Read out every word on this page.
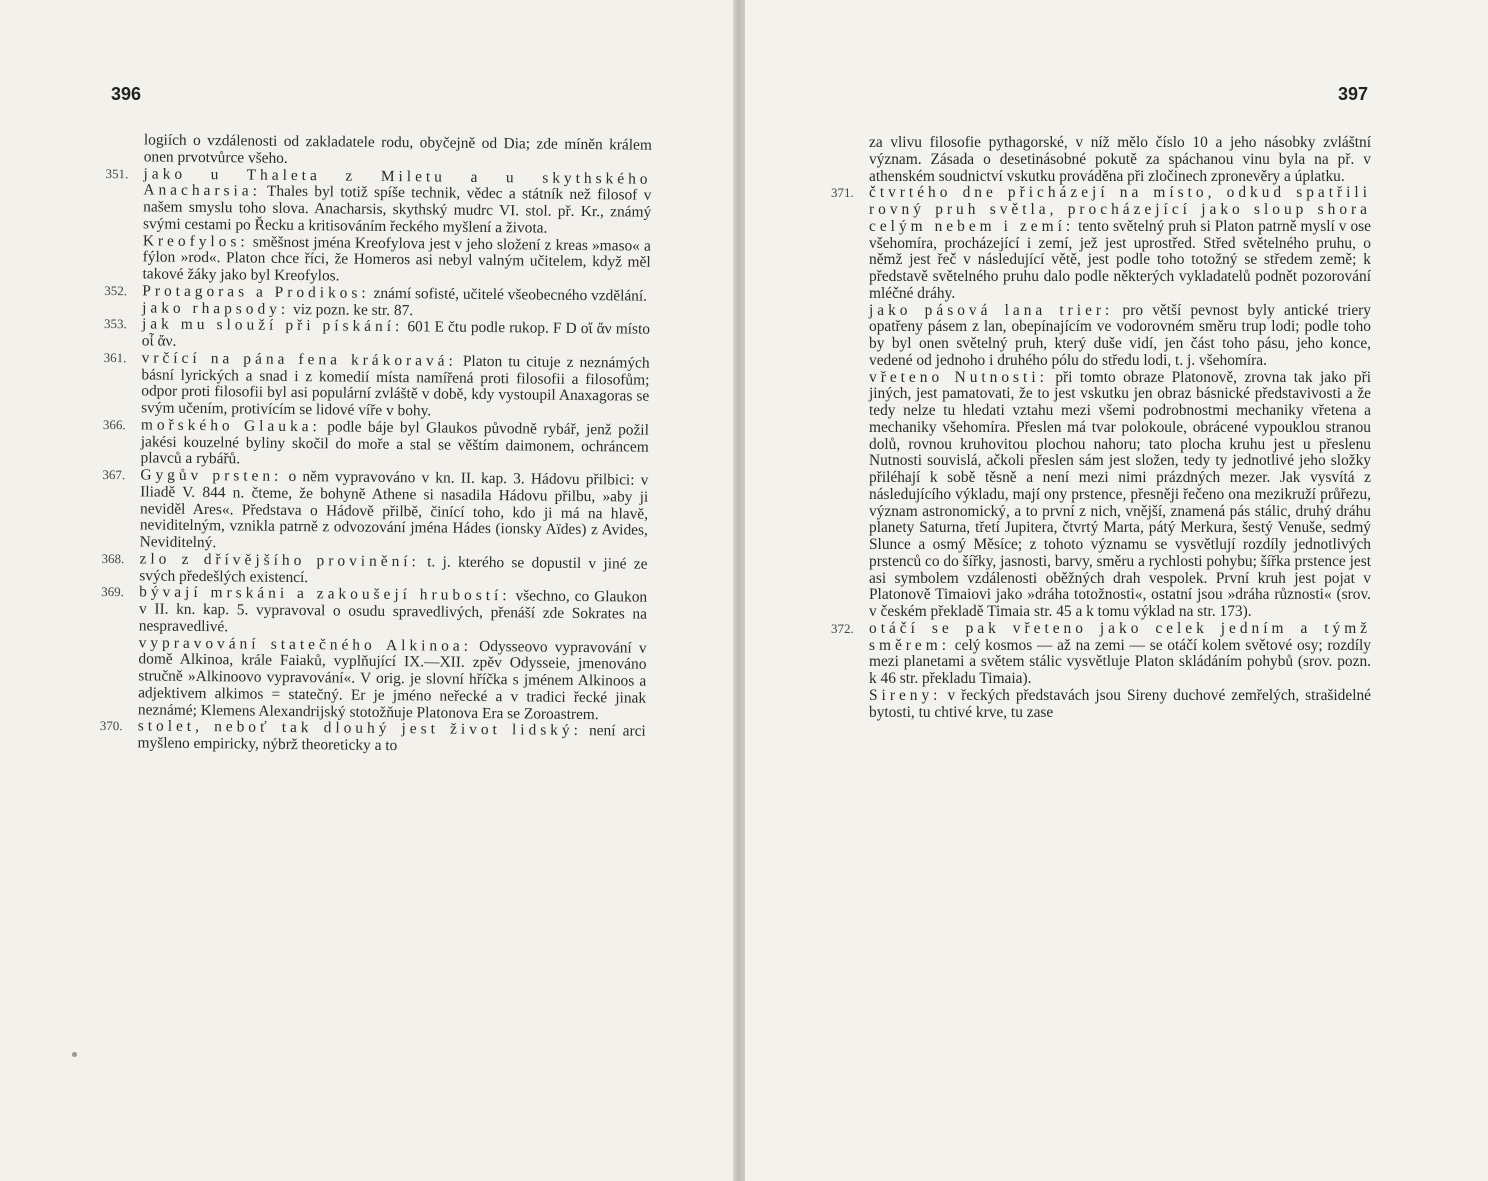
396
logiích o vzdálenosti od zakladatele rodu, obyčejně od Dia; zde míněn králem onen prvotvůrce všeho.
351. jako u Thaleta z Miletu a u skythského Anacharsia: Thales byl totiž spíše technik, vědec a státník než filosof v našem smyslu toho slova. Anacharsis, skythský mudrc VI. stol. př. Kr., známý svými cestami po Řecku a kritisováním řeckého myšlení a života.
Kreofylos: směšnost jména Kreofylova jest v jeho složení z kreas »maso« a fýlon »rod«. Platon chce říci, že Homeros asi nebyl valným učitelem, když měl takové žáky jako byl Kreofylos.
352. Protagoras a Prodikos: známí sofisté, učitelé všeobecného vzdělání.
jako rhapsody: viz pozn. ke str. 87.
353. jak mu slouží při pískání: 601 E čtu podle rukop. F D οἴ ἄν místo οἷ ἄν.
361. vrčící na pána fena krákoravá: Platon tu cituje z neznámých básní lyrických a snad i z komedií místa namířená proti filosofii a filosofům; odpor proti filosofii byl asi populární zvláště v době, kdy vystoupil Anaxagoras se svým učením, protivícím se lidové víře v bohy.
366. mořského Glauka: podle báje byl Glaukos původně rybář, jenž požil jakési kouzelné byliny skočil do moře a stal se věštím daimonem, ochráncem plavců a rybářů.
367. Gygův prsten: o něm vypravováno v kn. II. kap. 3. Hádovu přilbici: v Iliadě V. 844 n. čteme, že bohyně Athene si nasadila Hádovu přilbu, »aby ji neviděl Ares«. Představa o Hádově přilbě, činící toho, kdo ji má na hlavě, neviditelným, vznikla patrně z odvozování jména Hádes (ionsky Aïdes) z Avides, Neviditelný.
368. zlo z dřívějšího provinění: t. j. kterého se dopustil v jiné ze svých předešlých existencí.
369. bývají mrskáni a zakoušejí hrubostí: všechno, co Glaukon v II. kn. kap. 5. vypravoval o osudu spravedlivých, přenáší zde Sokrates na nespravedlivé.
vypravování statečného Alkinoa: Odysseovo vypravování v domě Alkinoa, krále Faiaků, vyplňující IX.—XII. zpěv Odysseie, jmenováno stručně »Alkinoovo vypravování«. V orig. je slovní hříčka s jménem Alkinoos a adjektivem alkimos = statečný. Er je jméno neřecké a v tradici řecké jinak neznámé; Klemens Alexandrijský stotožňuje Platonova Era se Zoroastrem.
370. stolet, neboť tak dlouhý jest život lidský: není arci myšleno empiricky, nýbrž theoreticky a to
397
za vlivu filosofie pythagorské, v níž mělo číslo 10 a jeho násobky zvláštní význam. Zásada o desetinásobné pokutě za spáchanou vinu byla na př. v athenském soudnictví vskutku prováděna při zločinech zpronevěry a úplatku.
371. čtvrtého dne přicházejí na místo, odkud spatřili rovný pruh světla, procházející jako sloup shora celým nebem i zemí: tento světelný pruh si Platon patrně myslí v ose všehomíra, procházející i zemí, jež jest uprostřed. Střed světelného pruhu, o němž jest řeč v následující větě, jest podle toho totožný se středem země; k představě světelného pruhu dalo podle některých vykladatelů podnět pozorování mléčné dráhy.
jako pásová lana trier: pro větší pevnost byly antické triery opatřeny pásem z lan, obepínajícím ve vodorovném směru trup lodi; podle toho by byl onen světelný pruh, který duše vidí, jen část toho pásu, jeho konce, vedené od jednoho i druhého pólu do středu lodi, t. j. všehomíra.
vřeteno Nutnosti: při tomto obraze Platonově, zrovna tak jako při jiných, jest pamatovati, že to jest vskutku jen obraz básnické představivosti a že tedy nelze tu hledati vztahu mezi všemi podrobnostmi mechaniky vřetena a mechaniky všehomíra. Přeslen má tvar polokoule, obrácené vypouklou stranou dolů, rovnou kruhovitou plochou nahoru; tato plocha kruhu jest u přeslenu Nutnosti souvislá, ačkoli přeslen sám jest složen, tedy ty jednotlivé jeho složky přiléhají k sobě těsně a není mezi nimi prázdných mezer. Jak vysvítá z následujícího výkladu, mají ony prstence, přesněji řečeno ona mezikruží průřezu, význam astronomický, a to první z nich, vnější, znamená pás stálic, druhý dráhu planety Saturna, třetí Jupitera, čtvrtý Marta, pátý Merkura, šestý Venuše, sedmý Slunce a osmý Měsíce; z tohoto významu se vysvětlují rozdíly jednotlivých prstenců co do šířky, jasnosti, barvy, směru a rychlosti pohybu; šířka prstence jest asi symbolem vzdálenosti oběžných drah vespolek. První kruh jest pojat v Platonově Timaiovi jako »dráha totožnosti«, ostatní jsou »dráha různosti« (srov. v českém překladě Timaia str. 45 a k tomu výklad na str. 173).
372. otáčí se pak vřeteno jako celek jedním a týmž směrem: celý kosmos — až na zemi — se otáčí kolem světové osy; rozdíly mezi planetami a světem stálic vysvětluje Platon skládáním pohybů (srov. pozn. k 46 str. překladu Timaia).
Sireny: v řeckých představách jsou Sireny duchové zemřelých, strašidelné bytosti, tu chtivé krve, tu zase
